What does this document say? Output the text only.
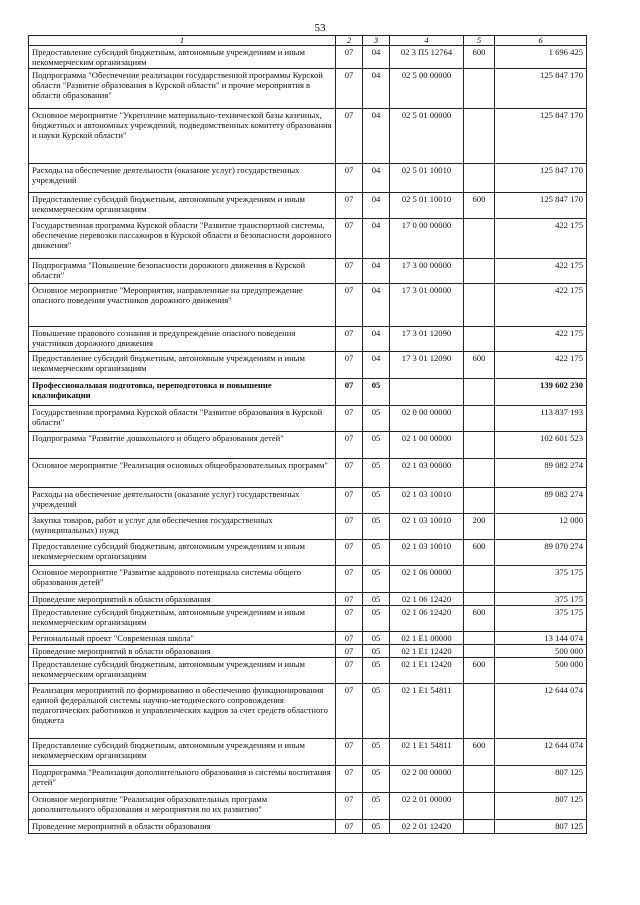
53
1	2	3	4	5	6
Предоставление субсидий бюджетным, автономным учреждениям и иным некоммерческим организациям	07	04	02 3 П5 12764	600	1 696 425
Подпрограмма "Обеспечение реализации государственной программы Курской области "Развитие образования в Курской области" и прочие мероприятия в области образования"	07	04	02 5 00 00000		125 847 170
Основное мероприятие "Укрепление материально-технической базы казенных, бюджетных и автономных учреждений, подведомственных комитету образования и науки Курской области"	07	04	02 5 01 00000		125 847 170
Расходы на обеспечение деятельности (оказание услуг) государственных учреждений	07	04	02 5 01 10010		125 847 170
Предоставление субсидий бюджетным, автономным учреждениям и иным некоммерческим организациям	07	04	02 5 01 10010	600	125 847 170
Государственная программа Курской области "Развитие транспортной системы, обеспечение перевозки пассажиров в Курской области и безопасности дорожного движения"	07	04	17 0 00 00000		422 175
Подпрограмма "Повышение безопасности дорожного движения в Курской области"	07	04	17 3 00 00000		422 175
Основное мероприятие "Мероприятия, направленные на предупреждение опасного поведения участников дорожного движения"	07	04	17 3 01 00000		422 175
Повышение правового сознания и предупреждение опасного поведения участников дорожного движения	07	04	17 3 01 12090		422 175
Предоставление субсидий бюджетным, автономным учреждениям и иным некоммерческим организациям	07	04	17 3 01 12090	600	422 175
Профессиональная подготовка, переподготовка и повышение квалификации	07	05			139 602 230
Государственная программа Курской области "Развитие образования в Курской области"	07	05	02 0 00 00000		113 837 193
Подпрограмма "Развитие дошкольного и общего образования детей"	07	05	02 1 00 00000		102 601 523
Основное мероприятие "Реализация основных общеобразовательных программ"	07	05	02 1 03 00000		89 082 274
Расходы на обеспечение деятельности (оказание услуг) государственных учреждений	07	05	02 1 03 10010		89 082 274
Закупка товаров, работ и услуг для обеспечения государственных (муниципальных) нужд	07	05	02 1 03 10010	200	12 000
Предоставление субсидий бюджетным, автономным учреждениям и иным некоммерческим организациям	07	05	02 1 03 10010	600	89 070 274
Основное мероприятие "Развитие кадрового потенциала системы общего образования детей"	07	05	02 1 06 00000		375 175
Проведение мероприятий в области образования	07	05	02 1 06 12420		375 175
Предоставление субсидий бюджетным, автономным учреждениям и иным некоммерческим организациям	07	05	02 1 06 12420	600	375 175
Региональный проект "Современная школа"	07	05	02 1 Е1 00000		13 144 074
Проведение мероприятий в области образования	07	05	02 1 Е1 12420		500 000
Предоставление субсидий бюджетным, автономным учреждениям и иным некоммерческим организациям	07	05	02 1 Е1 12420	600	500 000
Реализация мероприятий по формированию и обеспечению функционирования единой федеральной системы научно-методического сопровождения педагогических работников и управленческих кадров за счет средств областного бюджета	07	05	02 1 Е1 54811		12 644 074
Предоставление субсидий бюджетным, автономным учреждениям и иным некоммерческим организациям	07	05	02 1 Е1 54811	600	12 644 074
Подпрограмма "Реализация дополнительного образования и системы воспитания детей"	07	05	02 2 00 00000		807 125
Основное мероприятие "Реализация образовательных программ дополнительного образования и мероприятия по их развитию"	07	05	02 2 01 00000		807 125
Проведение мероприятий в области образования	07	05	02 2 01 12420		807 125
